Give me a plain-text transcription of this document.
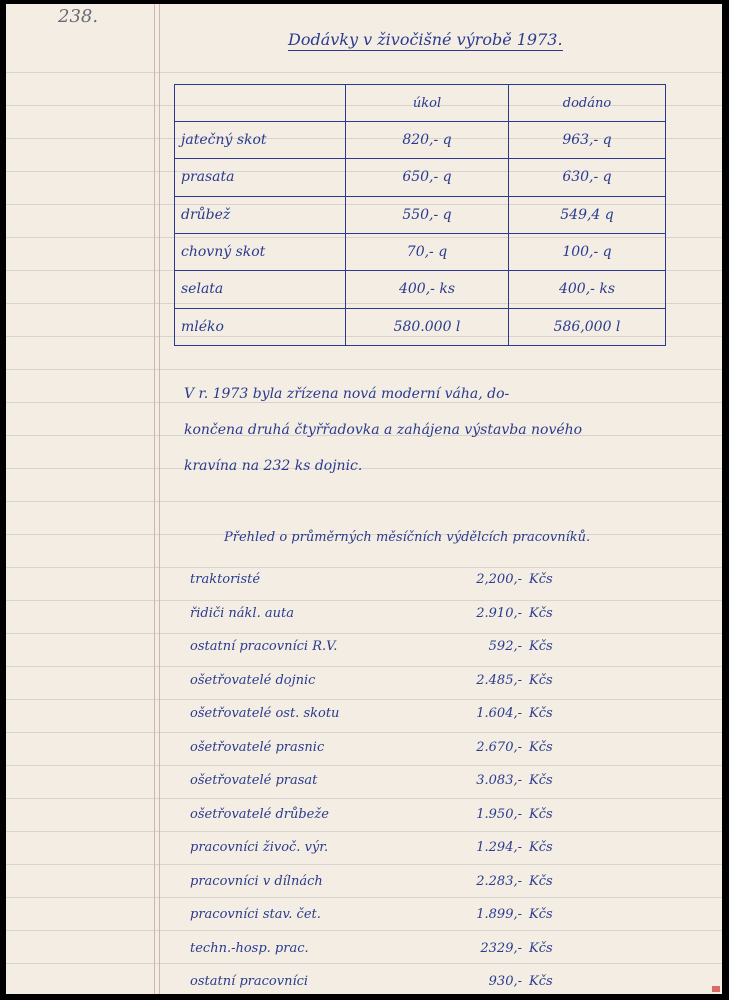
238.
Dodávky v živočišné výrobě 1973.
	úkol	dodáno
jatečný skot	820,- q	963,- q
prasata	650,- q	630,- q
drůbež	550,- q	549,4 q
chovný skot	70,- q	100,- q
selata	400,- ks	400,- ks
mléko	580.000 l	586,000 l
V r. 1973 byla zřízena nová moderní váha, do-
končena druhá čtyřřadovka a zahájena výstavba nového
kravína na 232 ks dojnic.
Přehled o průměrných měsíčních výdělcích pracovníků.
traktoristé	2,200,- Kčs
řidiči nákl. auta	2.910,- Kčs
ostatní pracovníci R.V.	592,- Kčs
ošetřovatelé dojnic	2.485,- Kčs
ošetřovatelé ost. skotu	1.604,- Kčs
ošetřovatelé prasnic	2.670,- Kčs
ošetřovatelé prasat	3.083,- Kčs
ošetřovatelé drůbeže	1.950,- Kčs
pracovníci živoč. výr.	1.294,- Kčs
pracovníci v dílnách	2.283,- Kčs
pracovníci stav. čet.	1.899,- Kčs
techn.-hosp. prac.	2329,- Kčs
ostatní pracovníci	930,- Kčs
